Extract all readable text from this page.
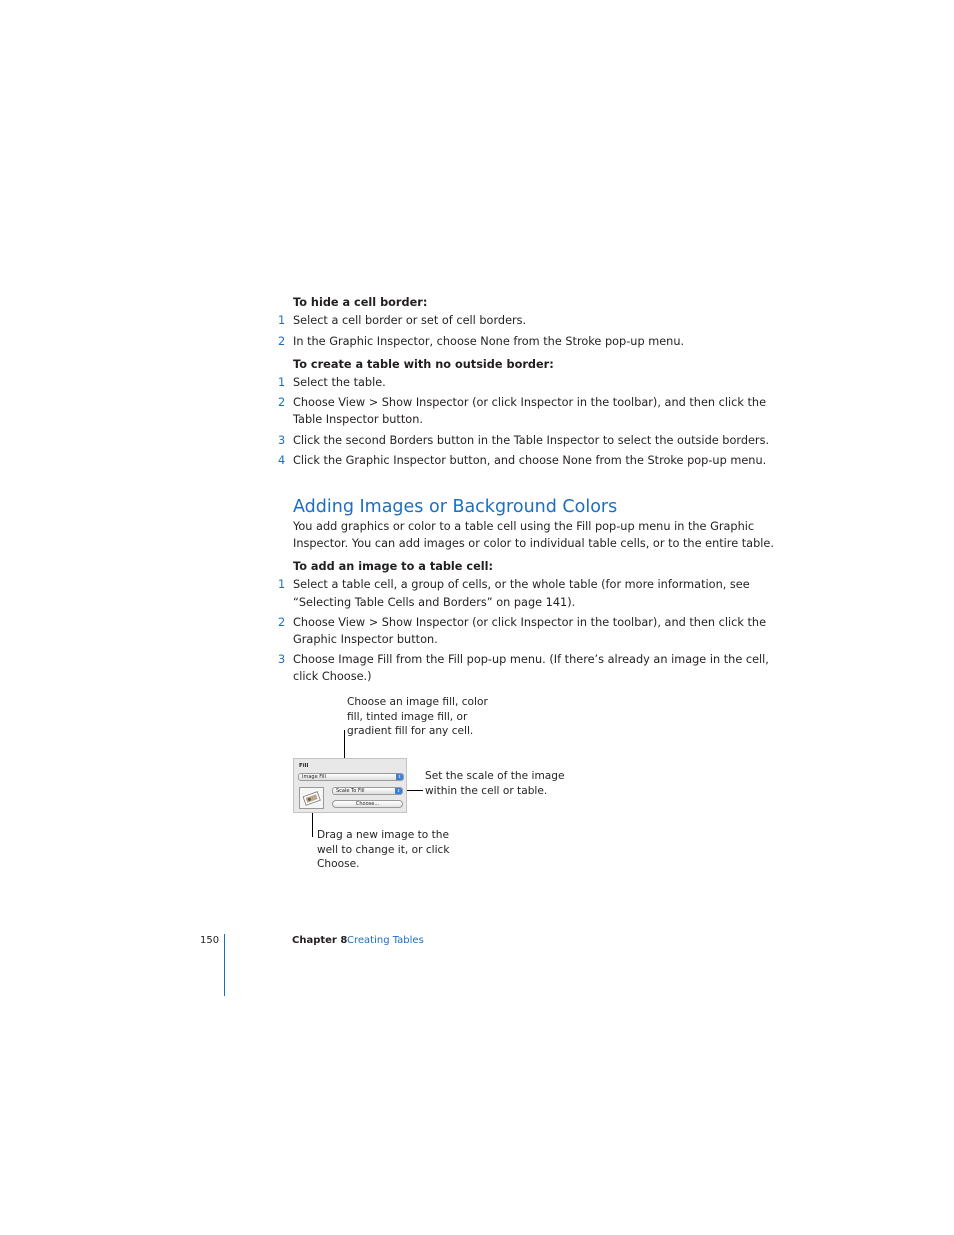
To hide a cell border:
1 Select a cell border or set of cell borders.
2 In the Graphic Inspector, choose None from the Stroke pop-up menu.
To create a table with no outside border:
1 Select the table.
2 Choose View > Show Inspector (or click Inspector in the toolbar), and then click the
Table Inspector button.
3 Click the second Borders button in the Table Inspector to select the outside borders.
4 Click the Graphic Inspector button, and choose None from the Stroke pop-up menu.
Adding Images or Background Colors
You add graphics or color to a table cell using the Fill pop-up menu in the Graphic
Inspector. You can add images or color to individual table cells, or to the entire table.
To add an image to a table cell:
1 Select a table cell, a group of cells, or the whole table (for more information, see
“Selecting Table Cells and Borders” on page 141).
2 Choose View > Show Inspector (or click Inspector in the toolbar), and then click the
Graphic Inspector button.
3 Choose Image Fill from the Fill pop-up menu. (If there’s already an image in the cell,
click Choose.)
Choose an image fill, color
fill, tinted image fill, or
gradient fill for any cell.
Set the scale of the image
within the cell or table.
Drag a new image to the
well to change it, or click
Choose.
Fill
Image Fill	⇕
Scale To Fill	⇕
Choose...
150	Chapter 8 Creating Tables
